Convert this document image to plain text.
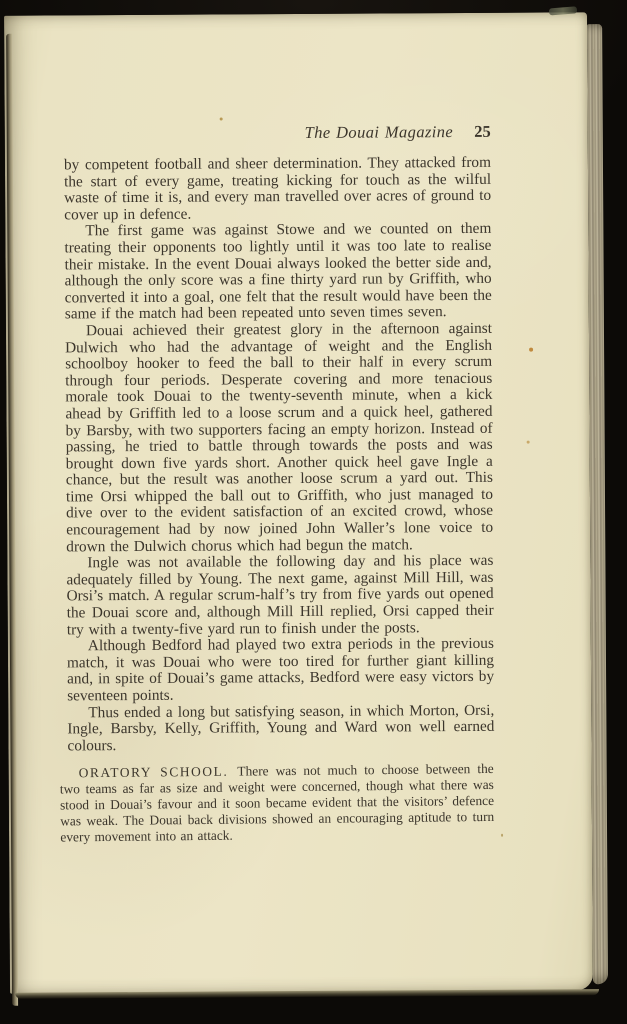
The Douai Magazine 25

by competent football and sheer determination. They attacked from the start of every game, treating kicking for touch as the wilful waste of time it is, and every man travelled over acres of ground to cover up in defence.

The first game was against Stowe and we counted on them treating their opponents too lightly until it was too late to realise their mistake. In the event Douai always looked the better side and, although the only score was a fine thirty yard run by Griffith, who converted it into a goal, one felt that the result would have been the same if the match had been repeated unto seven times seven.

Douai achieved their greatest glory in the afternoon against Dulwich who had the advantage of weight and the English schoolboy hooker to feed the ball to their half in every scrum through four periods. Desperate covering and more tenacious morale took Douai to the twenty-seventh minute, when a kick ahead by Griffith led to a loose scrum and a quick heel, gathered by Barsby, with two supporters facing an empty horizon. Instead of passing, he tried to battle through towards the posts and was brought down five yards short. Another quick heel gave Ingle a chance, but the result was another loose scrum a yard out. This time Orsi whipped the ball out to Griffith, who just managed to dive over to the evident satisfaction of an excited crowd, whose encouragement had by now joined John Waller’s lone voice to drown the Dulwich chorus which had begun the match.

Ingle was not available the following day and his place was adequately filled by Young. The next game, against Mill Hill, was Orsi’s match. A regular scrum-half’s try from five yards out opened the Douai score and, although Mill Hill replied, Orsi capped their try with a twenty-five yard run to finish under the posts.

Although Bedford had played two extra periods in the previous match, it was Douai who were too tired for further giant killing and, in spite of Douai’s game attacks, Bedford were easy victors by seventeen points.

Thus ended a long but satisfying season, in which Morton, Orsi, Ingle, Barsby, Kelly, Griffith, Young and Ward won well earned colours.

ORATORY SCHOOL. There was not much to choose between the two teams as far as size and weight were concerned, though what there was stood in Douai’s favour and it soon became evident that the visitors’ defence was weak. The Douai back divisions showed an encouraging aptitude to turn every movement into an attack.
